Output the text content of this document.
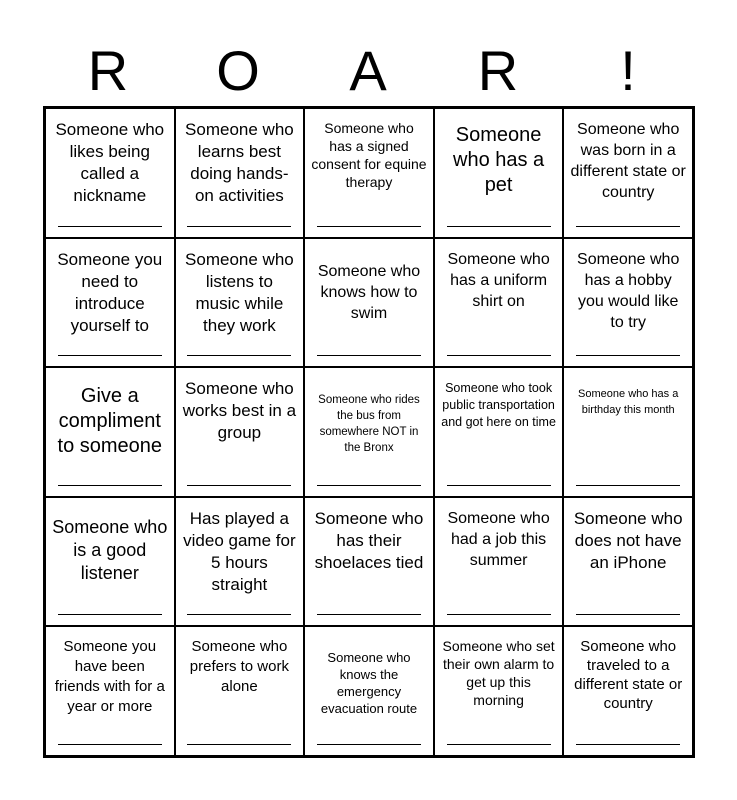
R	O	A	R	!
Someone who likes being called a nickname
Someone who learns best doing hands-on activities
Someone who has a signed consent for equine therapy
Someone who has a pet
Someone who was born in a different state or country
Someone you need to introduce yourself to
Someone who listens to music while they work
Someone who knows how to swim
Someone who has a uniform shirt on
Someone who has a hobby you would like to try
Give a compliment to someone
Someone who works best in a group
Someone who rides the bus from somewhere NOT in the Bronx
Someone who took public transportation and got here on time
Someone who has a birthday this month
Someone who is a good listener
Has played a video game for 5 hours straight
Someone who has their shoelaces tied
Someone who had a job this summer
Someone who does not have an iPhone
Someone you have been friends with for a year or more
Someone who prefers to work alone
Someone who knows the emergency evacuation route
Someone who set their own alarm to get up this morning
Someone who traveled to a different state or country
